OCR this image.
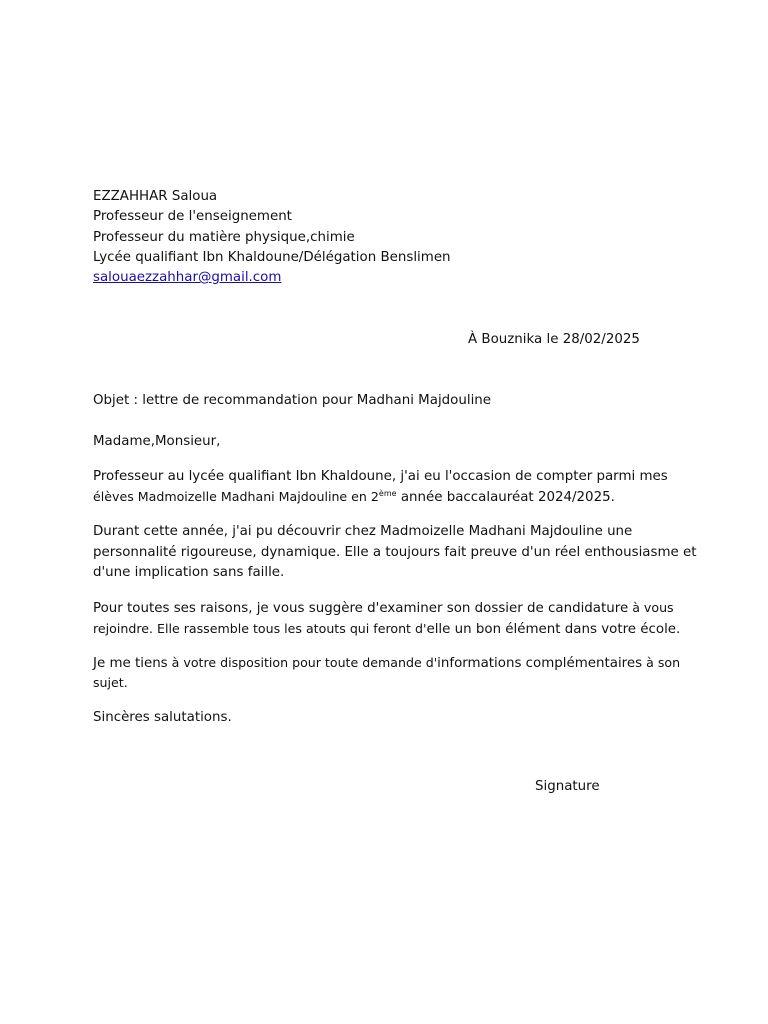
EZZAHHAR Saloua
Professeur de l'enseignement
Professeur du matière physique,chimie
Lycée qualifiant Ibn Khaldoune/Délégation Benslimen
salouaezzahhar@gmail.com
À Bouznika le 28/02/2025
Objet : lettre de recommandation pour Madhani Majdouline
Madame,Monsieur,
Professeur au lycée qualifiant Ibn Khaldoune, j'ai eu l'occasion de compter parmi mes
élèves Madmoizelle Madhani Majdouline en 2ème année baccalauréat 2024/2025.
Durant cette année, j'ai pu découvrir chez Madmoizelle Madhani Majdouline une
personnalité rigoureuse, dynamique. Elle a toujours fait preuve d'un réel enthousiasme et
d'une implication sans faille.
Pour toutes ses raisons, je vous suggère d'examiner son dossier de candidature à vous
rejoindre. Elle rassemble tous les atouts qui feront d'elle un bon élément dans votre école.
Je me tiens à votre disposition pour toute demande d'informations complémentaires à son
sujet.
Sincères salutations.
Signature
